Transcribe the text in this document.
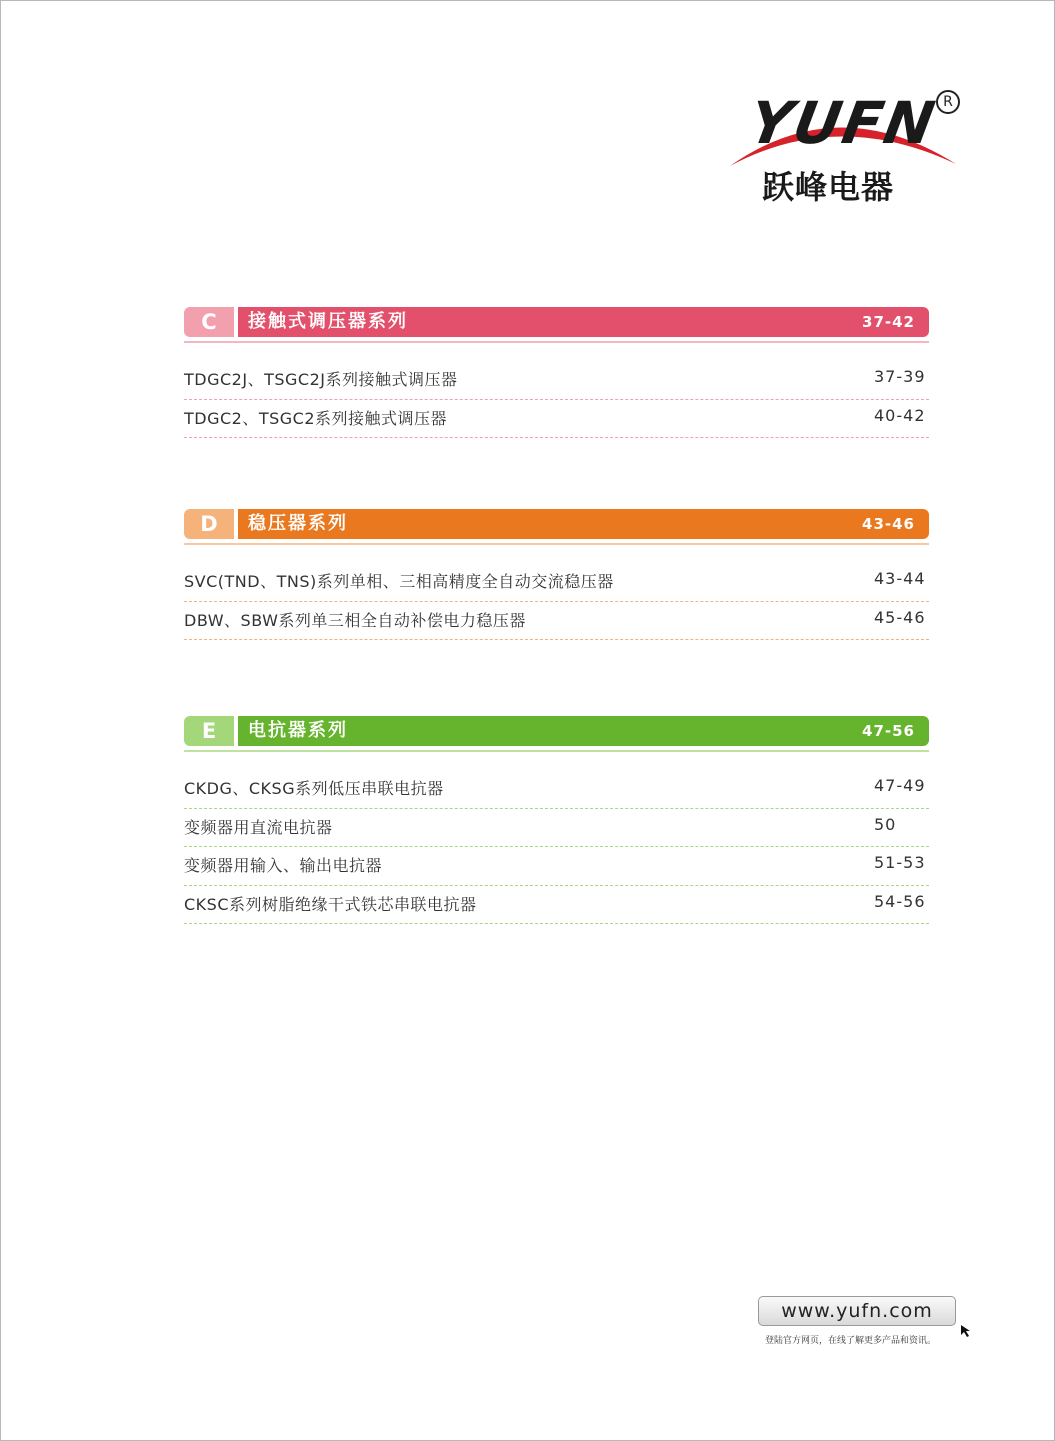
YUFN R
跃峰电器
C	接触式调压器系列	37-42
TDGC2J、TSGC2J系列接触式调压器	37-39
TDGC2、TSGC2系列接触式调压器	40-42
D	稳压器系列	43-46
SVC(TND、TNS)系列单相、三相高精度全自动交流稳压器	43-44
DBW、SBW系列单三相全自动补偿电力稳压器	45-46
E	电抗器系列	47-56
CKDG、CKSG系列低压串联电抗器	47-49
变频器用直流电抗器	50
变频器用输入、输出电抗器	51-53
CKSC系列树脂绝缘干式铁芯串联电抗器	54-56
www.yufn.com
登陆官方网页，在线了解更多产品和资讯。
